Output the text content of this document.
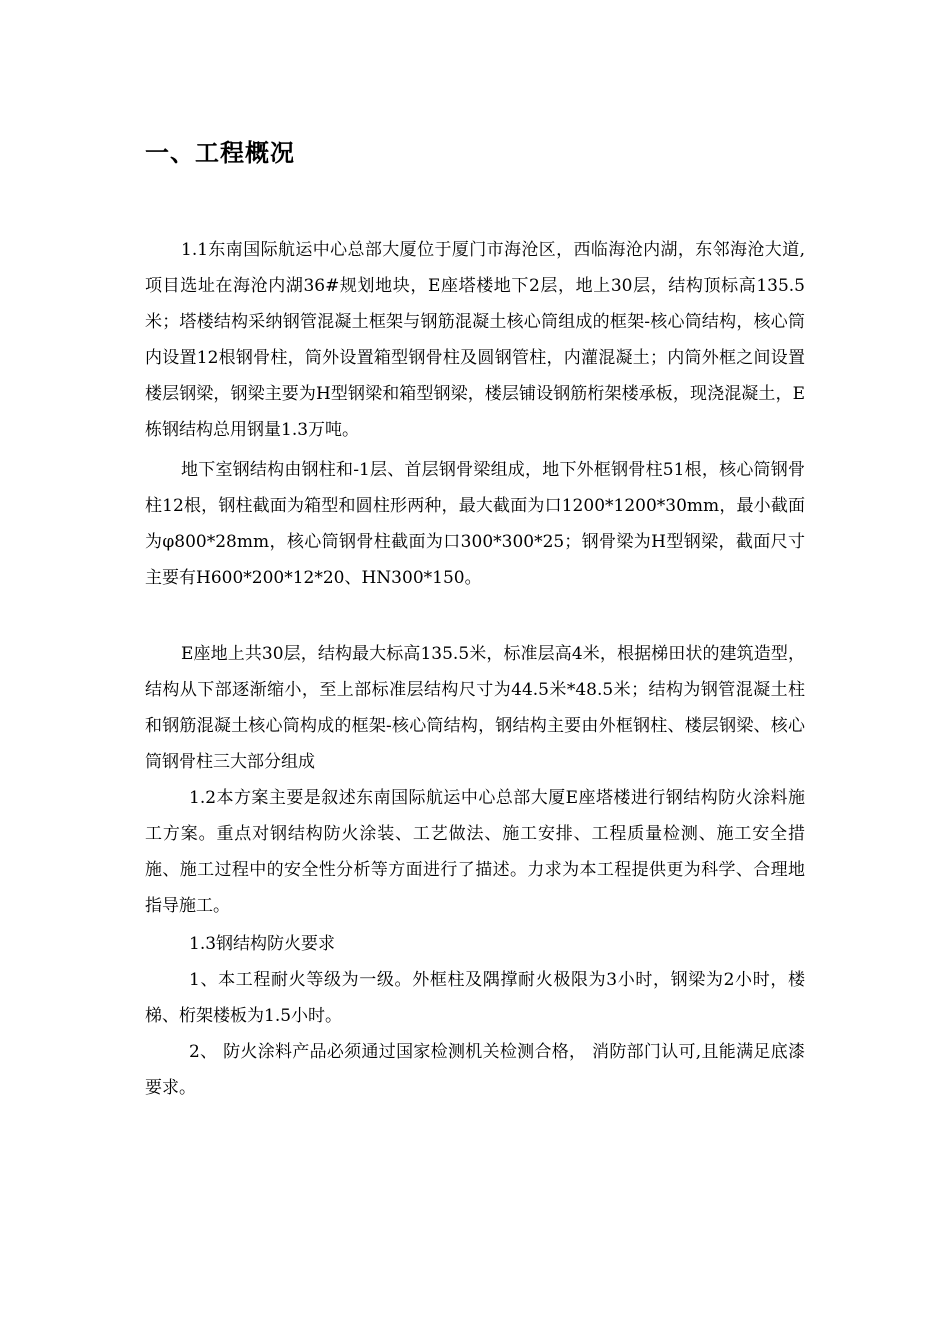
一、工程概况

1.1东南国际航运中心总部大厦位于厦门市海沧区，西临海沧内湖，东邻海沧大道,项目选址在海沧内湖36#规划地块，E座塔楼地下2层，地上30层，结构顶标高135.5米；塔楼结构采纳钢管混凝土框架与钢筋混凝土核心筒组成的框架-核心筒结构，核心筒内设置12根钢骨柱，筒外设置箱型钢骨柱及圆钢管柱，内灌混凝土；内筒外框之间设置楼层钢梁，钢梁主要为H型钢梁和箱型钢梁，楼层铺设钢筋桁架楼承板，现浇混凝土，E栋钢结构总用钢量1.3万吨。

地下室钢结构由钢柱和-1层、首层钢骨梁组成，地下外框钢骨柱51根，核心筒钢骨柱12根，钢柱截面为箱型和圆柱形两种，最大截面为口1200*1200*30mm，最小截面为φ800*28mm，核心筒钢骨柱截面为口300*300*25；钢骨梁为H型钢梁，截面尺寸主要有H600*200*12*20、HN300*150。

E座地上共30层，结构最大标高135.5米，标准层高4米，根据梯田状的建筑造型，结构从下部逐渐缩小，至上部标准层结构尺寸为44.5米*48.5米；结构为钢管混凝土柱和钢筋混凝土核心筒构成的框架-核心筒结构，钢结构主要由外框钢柱、楼层钢梁、核心筒钢骨柱三大部分组成

1.2本方案主要是叙述东南国际航运中心总部大厦E座塔楼进行钢结构防火涂料施工方案。重点对钢结构防火涂装、工艺做法、施工安排、工程质量检测、施工安全措施、施工过程中的安全性分析等方面进行了描述。力求为本工程提供更为科学、合理地指导施工。

1.3钢结构防火要求

1、本工程耐火等级为一级。外框柱及隅撑耐火极限为3小时，钢梁为2小时，楼梯、桁架楼板为1.5小时。

2、 防火涂料产品必须通过国家检测机关检测合格， 消防部门认可,且能满足底漆要求。
